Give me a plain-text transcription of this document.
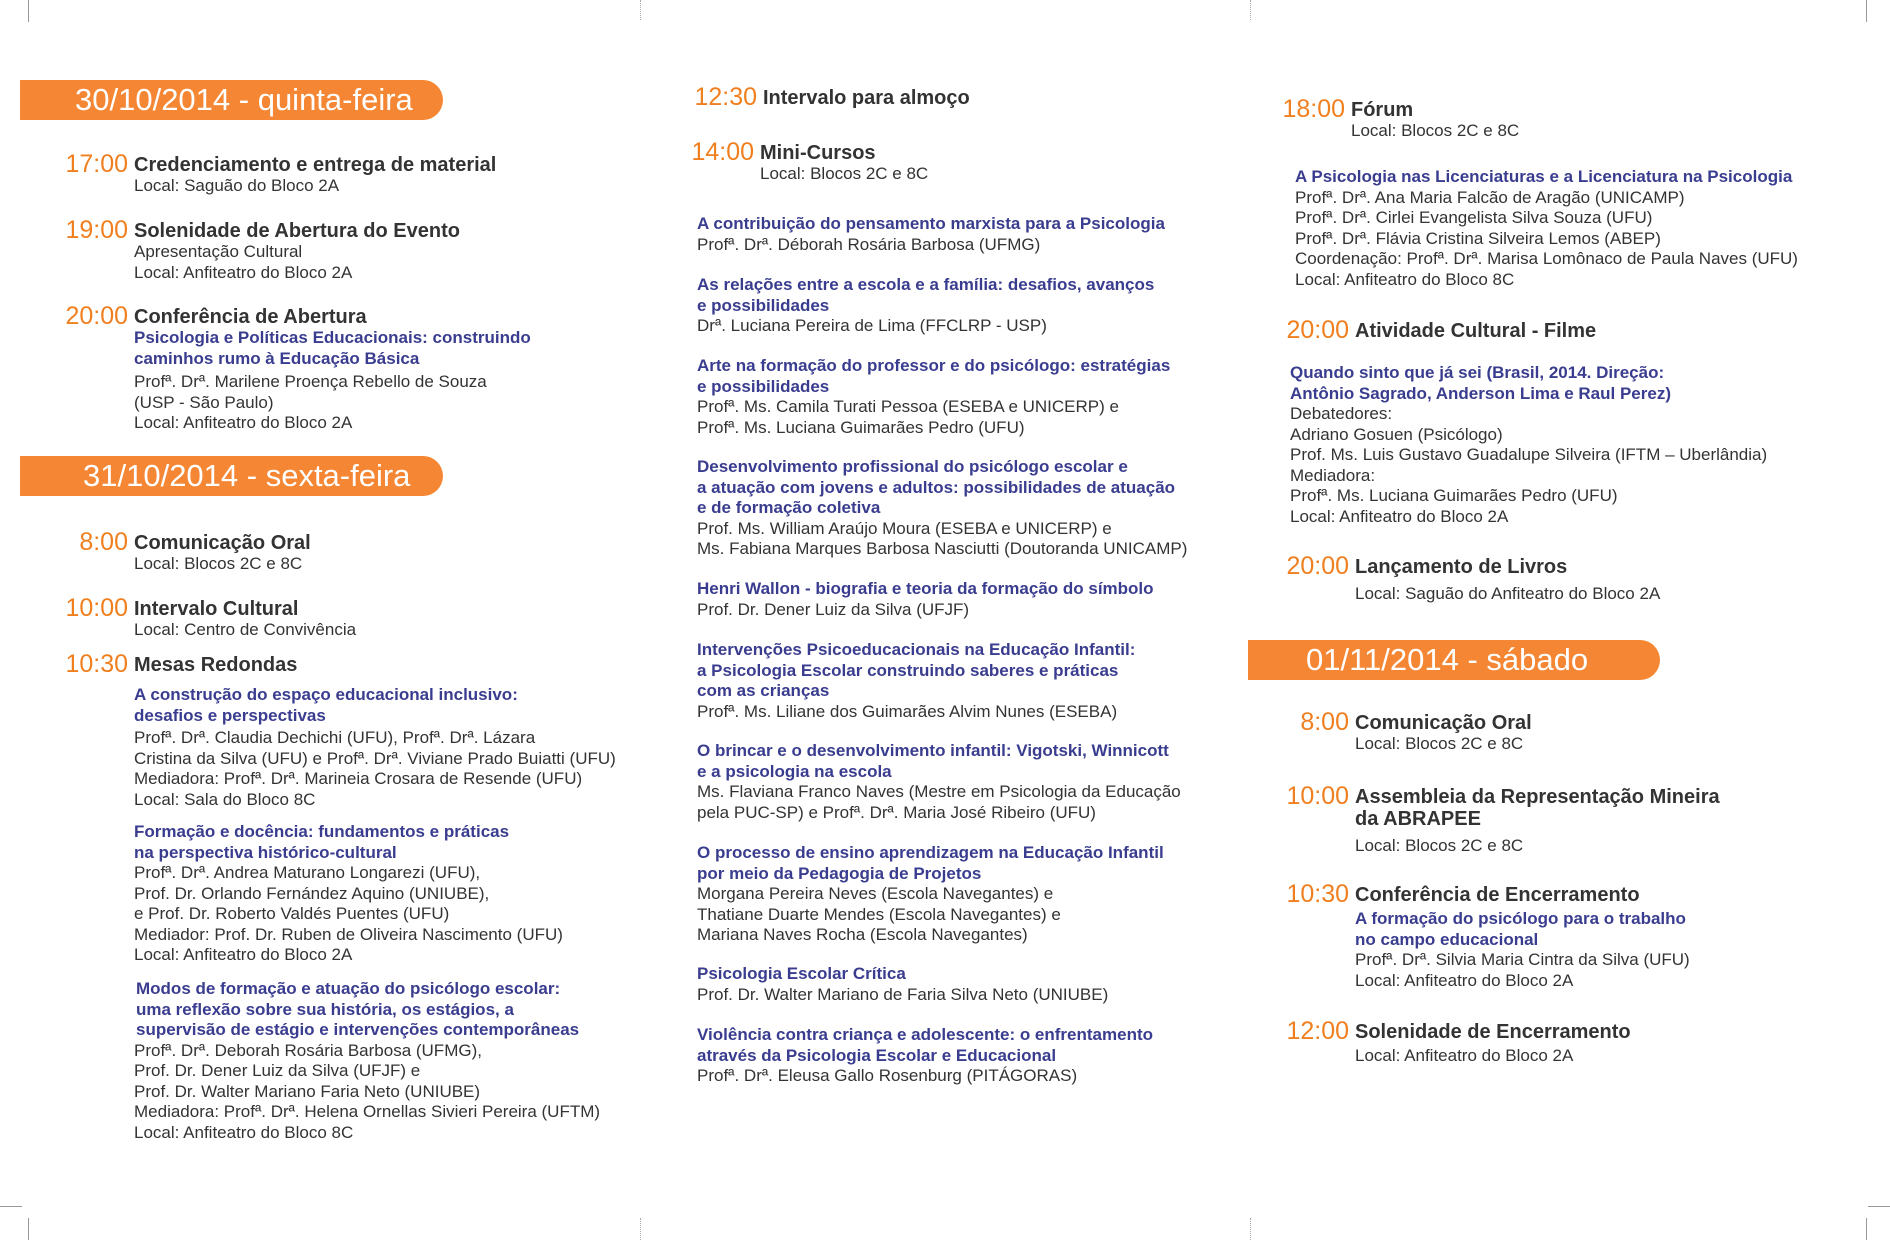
30/10/2014 - quinta-feira
17:00 Credenciamento e entrega de material
Local: Saguão do Bloco 2A
19:00 Solenidade de Abertura do Evento
Apresentação Cultural
Local: Anfiteatro do Bloco 2A
20:00 Conferência de Abertura
Psicologia e Políticas Educacionais: construindo
caminhos rumo à Educação Básica
Profª. Drª. Marilene Proença Rebello de Souza
(USP - São Paulo)
Local: Anfiteatro do Bloco 2A
31/10/2014 - sexta-feira
8:00 Comunicação Oral
Local: Blocos 2C e 8C
10:00 Intervalo Cultural
Local: Centro de Convivência
10:30 Mesas Redondas
A construção do espaço educacional inclusivo:
desafios e perspectivas
Profª. Drª. Claudia Dechichi (UFU), Profª. Drª. Lázara
Cristina da Silva (UFU) e Profª. Drª. Viviane Prado Buiatti (UFU)
Mediadora: Profª. Drª. Marineia Crosara de Resende (UFU)
Local: Sala do Bloco 8C
Formação e docência: fundamentos e práticas
na perspectiva histórico-cultural
Profª. Drª. Andrea Maturano Longarezi (UFU),
Prof. Dr. Orlando Fernández Aquino (UNIUBE),
e Prof. Dr. Roberto Valdés Puentes (UFU)
Mediador: Prof. Dr. Ruben de Oliveira Nascimento (UFU)
Local: Anfiteatro do Bloco 2A
Modos de formação e atuação do psicólogo escolar:
uma reflexão sobre sua história, os estágios, a
supervisão de estágio e intervenções contemporâneas
Profª. Drª. Deborah Rosária Barbosa (UFMG),
Prof. Dr. Dener Luiz da Silva (UFJF) e
Prof. Dr. Walter Mariano Faria Neto (UNIUBE)
Mediadora: Profª. Drª. Helena Ornellas Sivieri Pereira (UFTM)
Local: Anfiteatro do Bloco 8C
12:30 Intervalo para almoço
14:00 Mini-Cursos
Local: Blocos 2C e 8C
A contribuição do pensamento marxista para a Psicologia
Profª. Drª. Déborah Rosária Barbosa (UFMG)
As relações entre a escola e a família: desafios, avanços
e possibilidades
Drª. Luciana Pereira de Lima (FFCLRP - USP)
Arte na formação do professor e do psicólogo: estratégias
e possibilidades
Profª. Ms. Camila Turati Pessoa (ESEBA e UNICERP) e
Profª. Ms. Luciana Guimarães Pedro (UFU)
Desenvolvimento profissional do psicólogo escolar e
a atuação com jovens e adultos: possibilidades de atuação
e de formação coletiva
Prof. Ms. William Araújo Moura (ESEBA e UNICERP) e
Ms. Fabiana Marques Barbosa Nasciutti (Doutoranda UNICAMP)
Henri Wallon - biografia e teoria da formação do símbolo
Prof. Dr. Dener Luiz da Silva (UFJF)
Intervenções Psicoeducacionais na Educação Infantil:
a Psicologia Escolar construindo saberes e práticas
com as crianças
Profª. Ms. Liliane dos Guimarães Alvim Nunes (ESEBA)
O brincar e o desenvolvimento infantil: Vigotski, Winnicott
e a psicologia na escola
Ms. Flaviana Franco Naves (Mestre em Psicologia da Educação
pela PUC-SP) e Profª. Drª. Maria José Ribeiro (UFU)
O processo de ensino aprendizagem na Educação Infantil
por meio da Pedagogia de Projetos
Morgana Pereira Neves (Escola Navegantes) e
Thatiane Duarte Mendes (Escola Navegantes) e
Mariana Naves Rocha (Escola Navegantes)
Psicologia Escolar Crítica
Prof. Dr. Walter Mariano de Faria Silva Neto (UNIUBE)
Violência contra criança e adolescente: o enfrentamento
através da Psicologia Escolar e Educacional
Profª. Drª. Eleusa Gallo Rosenburg (PITÁGORAS)
18:00 Fórum
Local: Blocos 2C e 8C
A Psicologia nas Licenciaturas e a Licenciatura na Psicologia
Profª. Drª. Ana Maria Falcão de Aragão (UNICAMP)
Profª. Drª. Cirlei Evangelista Silva Souza (UFU)
Profª. Drª. Flávia Cristina Silveira Lemos (ABEP)
Coordenação: Profª. Drª. Marisa Lomônaco de Paula Naves (UFU)
Local: Anfiteatro do Bloco 8C
20:00 Atividade Cultural - Filme
Quando sinto que já sei (Brasil, 2014. Direção:
Antônio Sagrado, Anderson Lima e Raul Perez)
Debatedores:
Adriano Gosuen (Psicólogo)
Prof. Ms. Luis Gustavo Guadalupe Silveira (IFTM – Uberlândia)
Mediadora:
Profª. Ms. Luciana Guimarães Pedro (UFU)
Local: Anfiteatro do Bloco 2A
20:00 Lançamento de Livros
Local: Saguão do Anfiteatro do Bloco 2A
01/11/2014 - sábado
8:00 Comunicação Oral
Local: Blocos 2C e 8C
10:00 Assembleia da Representação Mineira
da ABRAPEE
Local: Blocos 2C e 8C
10:30 Conferência de Encerramento
A formação do psicólogo para o trabalho
no campo educacional
Profª. Drª. Silvia Maria Cintra da Silva (UFU)
Local: Anfiteatro do Bloco 2A
12:00 Solenidade de Encerramento
Local: Anfiteatro do Bloco 2A
